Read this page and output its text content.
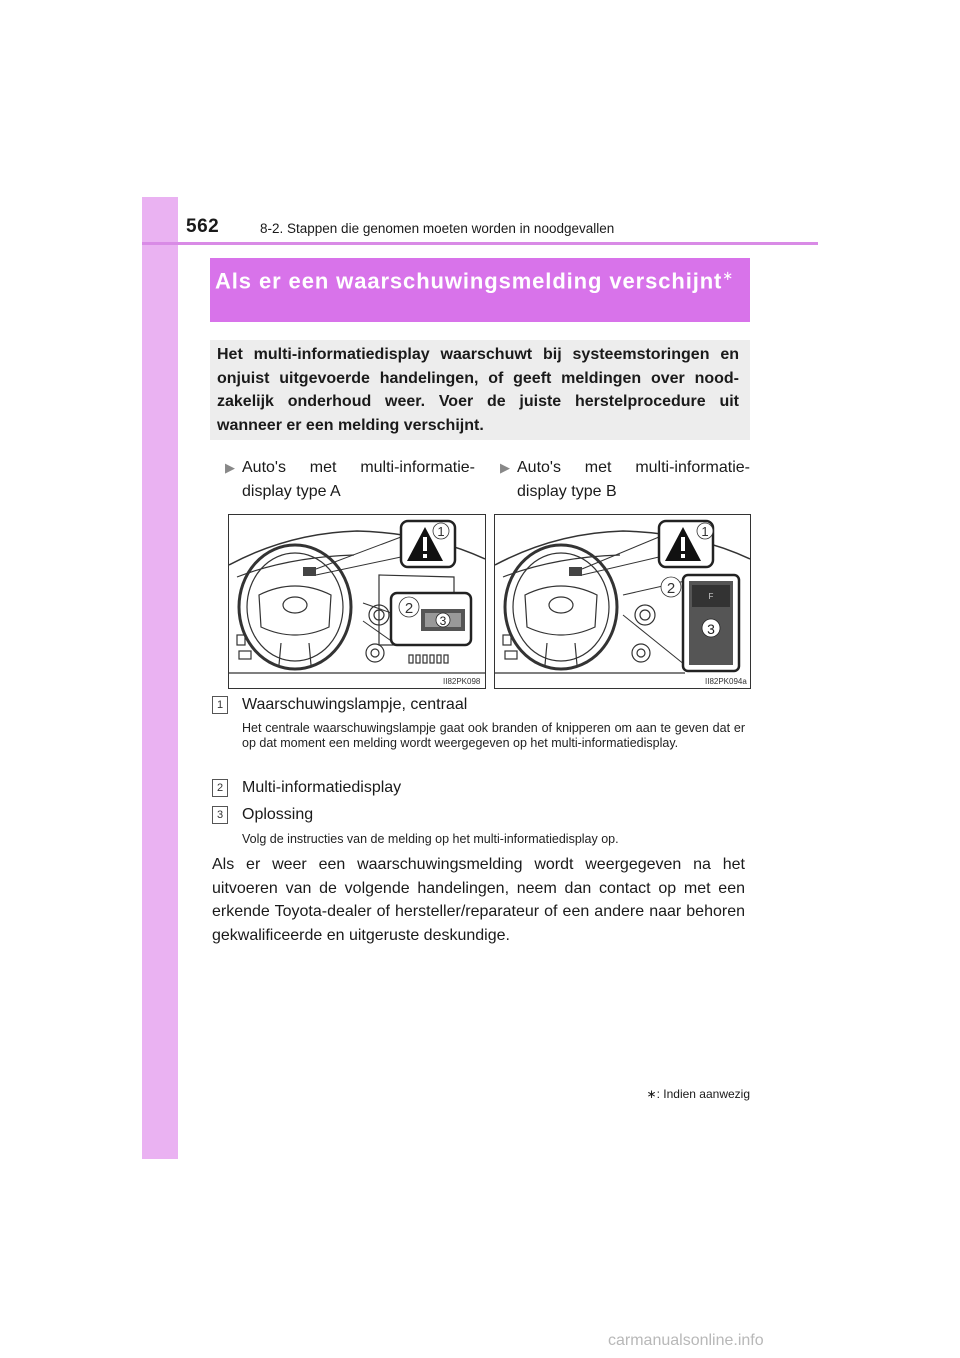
562	8-2. Stappen die genomen moeten worden in noodgevallen
Als er een waarschuwingsmelding verschijnt∗
Het multi-informatiedisplay waarschuwt bij systeemstoringen en onjuist uitgevoerde handelingen, of geeft meldingen over nood-zakelijk onderhoud weer. Voer de juiste herstelprocedure uit wanneer er een melding verschijnt.
▶ Auto's met multi-informatie-display type A
▶ Auto's met multi-informatie-display type B
1
2
3
II82PK098
1
F
2
3
II82PK094a
1	Waarschuwingslampje, centraal
Het centrale waarschuwingslampje gaat ook branden of knipperen om aan te geven dat er op dat moment een melding wordt weergegeven op het multi-informatiedisplay.
2	Multi-informatiedisplay
3	Oplossing
Volg de instructies van de melding op het multi-informatiedisplay op.
Als er weer een waarschuwingsmelding wordt weergegeven na het uitvoeren van de volgende handelingen, neem dan contact op met een erkende Toyota-dealer of hersteller/reparateur of een andere naar behoren gekwalificeerde en uitgeruste deskundige.
∗: Indien aanwezig
carmanualsonline.info
